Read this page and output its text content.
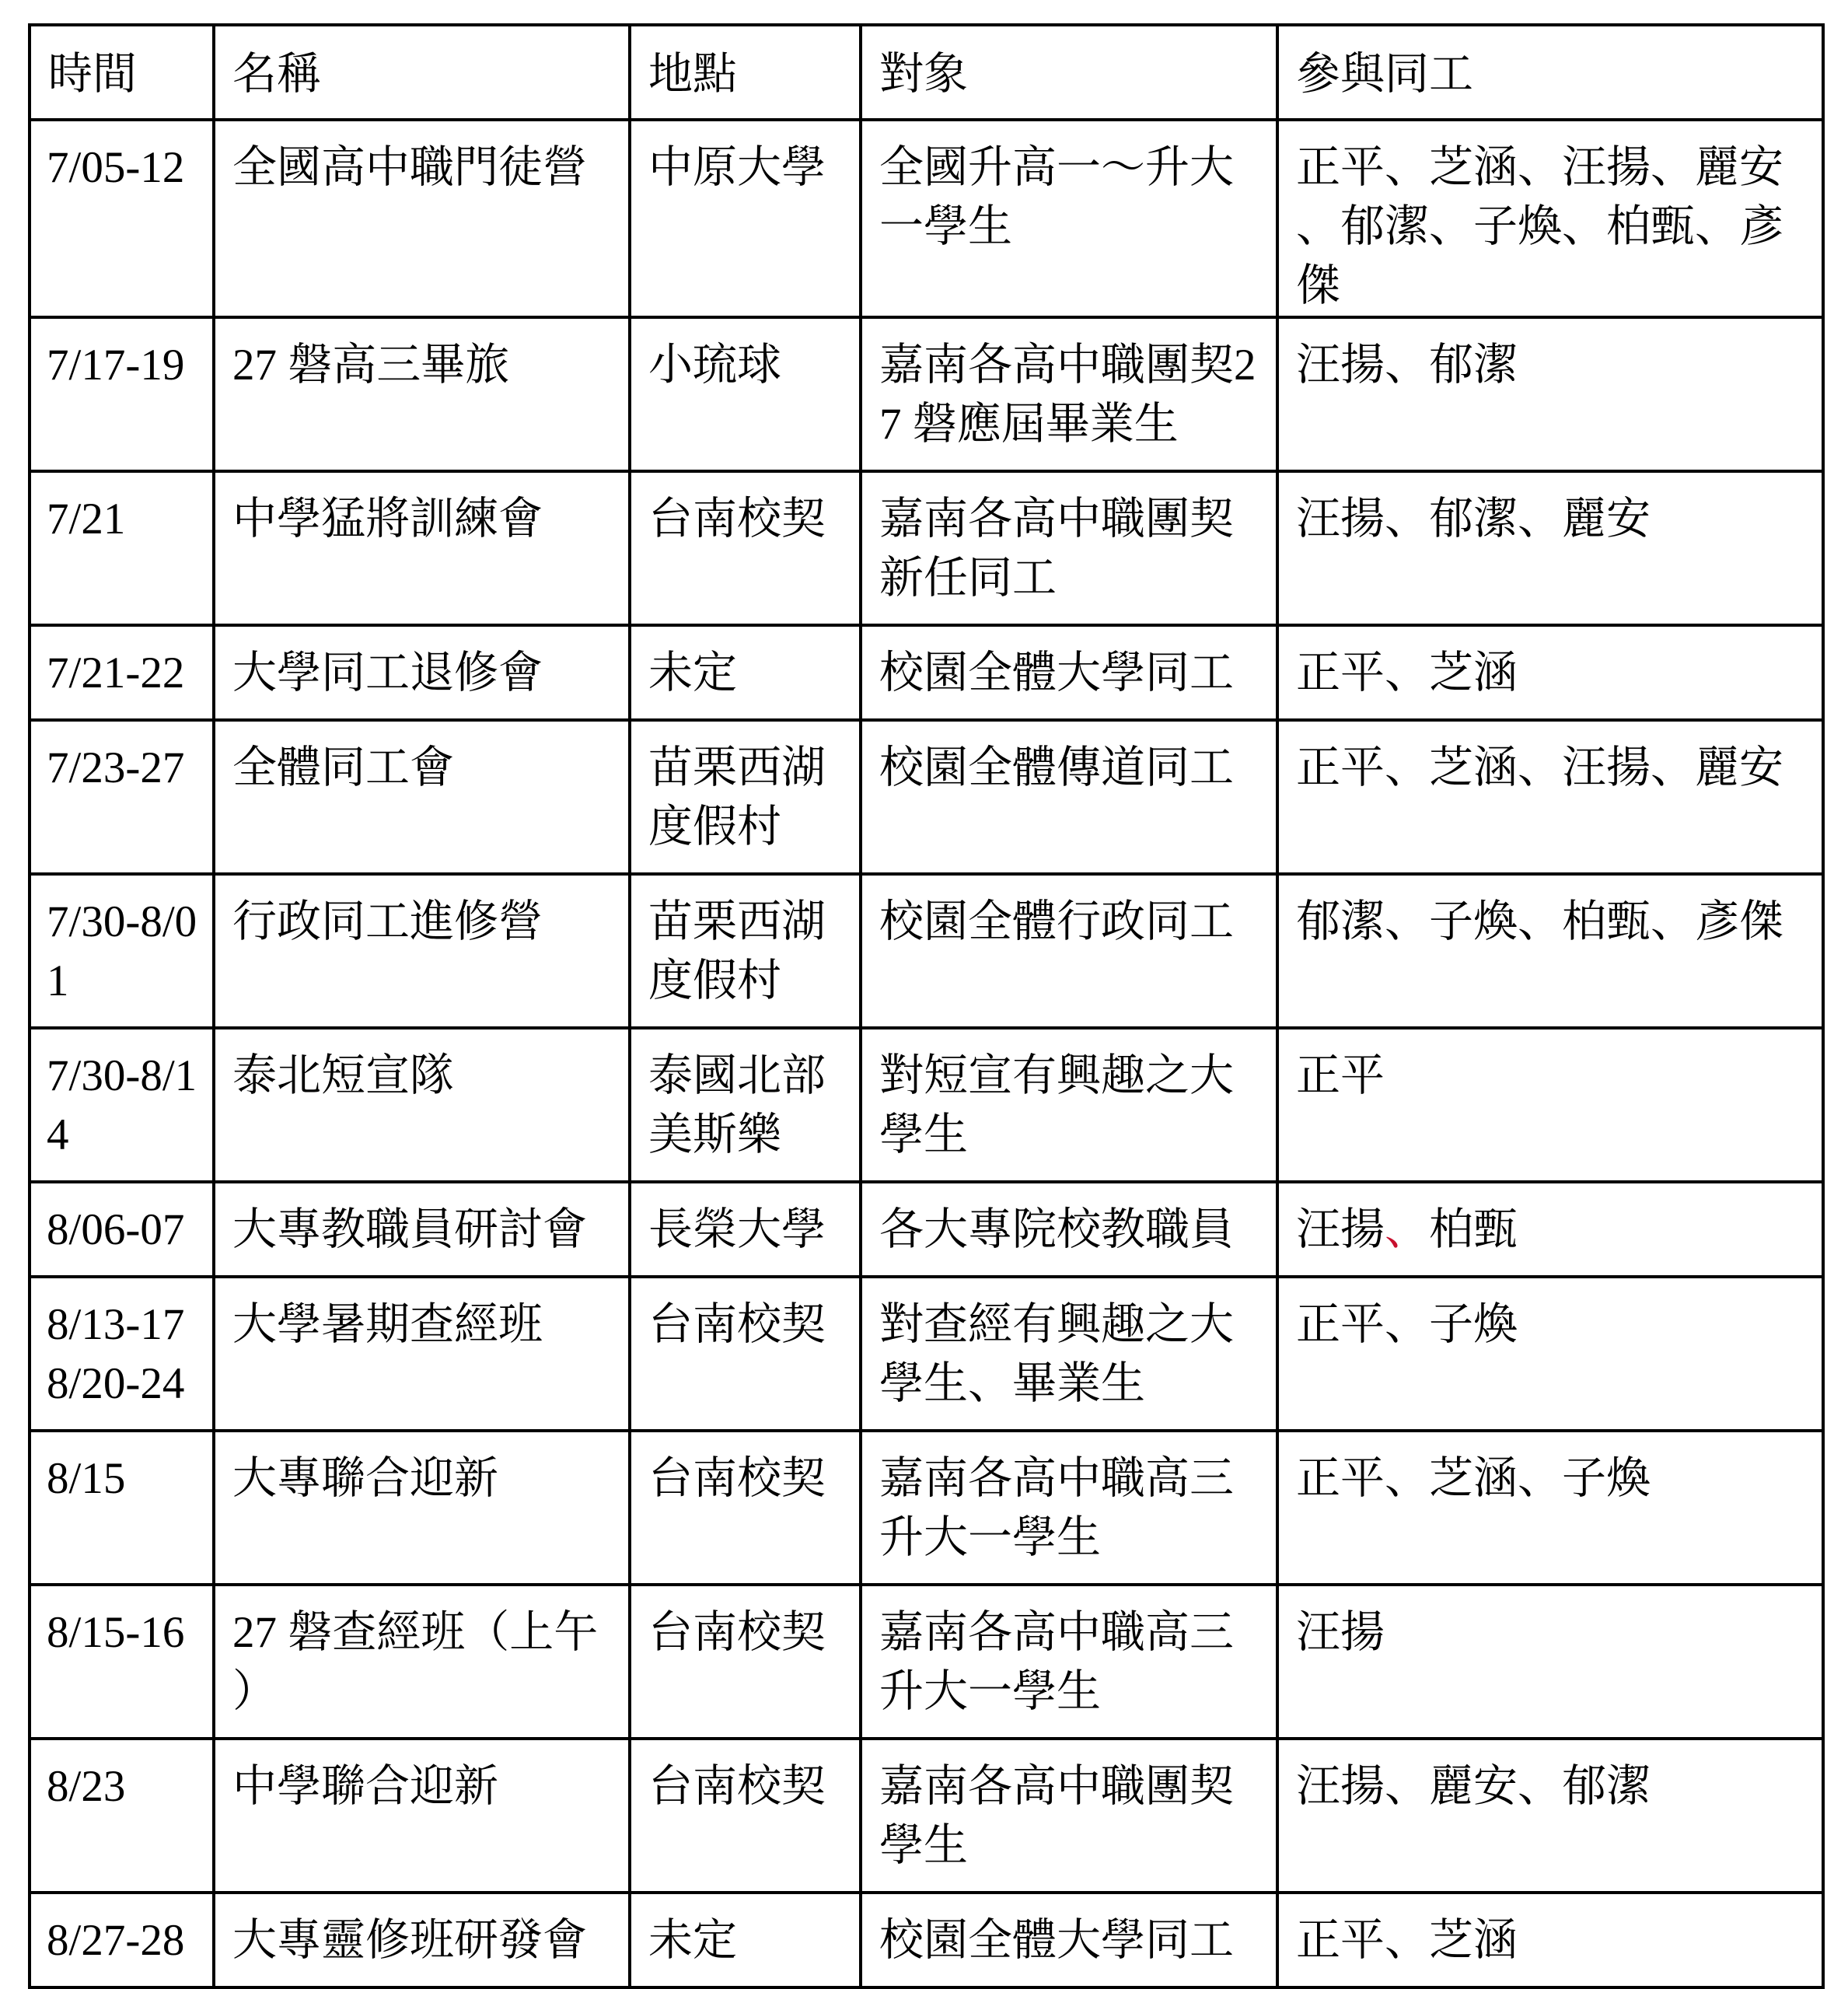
時間	名稱	地點	對象	參與同工
7/05-12	全國高中職門徒營	中原大學	全國升高一～升大一學生	正平、芝涵、汪揚、麗安、郁潔、子煥、柏甄、彥傑
7/17-19	27 磐高三畢旅	小琉球	嘉南各高中職團契27 磐應屆畢業生	汪揚、郁潔
7/21	中學猛將訓練會	台南校契	嘉南各高中職團契新任同工	汪揚、郁潔、麗安
7/21-22	大學同工退修會	未定	校園全體大學同工	正平、芝涵
7/23-27	全體同工會	苗栗西湖度假村	校園全體傳道同工	正平、芝涵、汪揚、麗安
7/30-8/01	行政同工進修營	苗栗西湖度假村	校園全體行政同工	郁潔、子煥、柏甄、彥傑
7/30-8/14	泰北短宣隊	泰國北部美斯樂	對短宣有興趣之大學生	正平
8/06-07	大專教職員研討會	長榮大學	各大專院校教職員	汪揚、柏甄
8/13-17 8/20-24	大學暑期查經班	台南校契	對查經有興趣之大學生、畢業生	正平、子煥
8/15	大專聯合迎新	台南校契	嘉南各高中職高三升大一學生	正平、芝涵、子煥
8/15-16	27 磐查經班（上午）	台南校契	嘉南各高中職高三升大一學生	汪揚
8/23	中學聯合迎新	台南校契	嘉南各高中職團契學生	汪揚、麗安、郁潔
8/27-28	大專靈修班研發會	未定	校園全體大學同工	正平、芝涵
